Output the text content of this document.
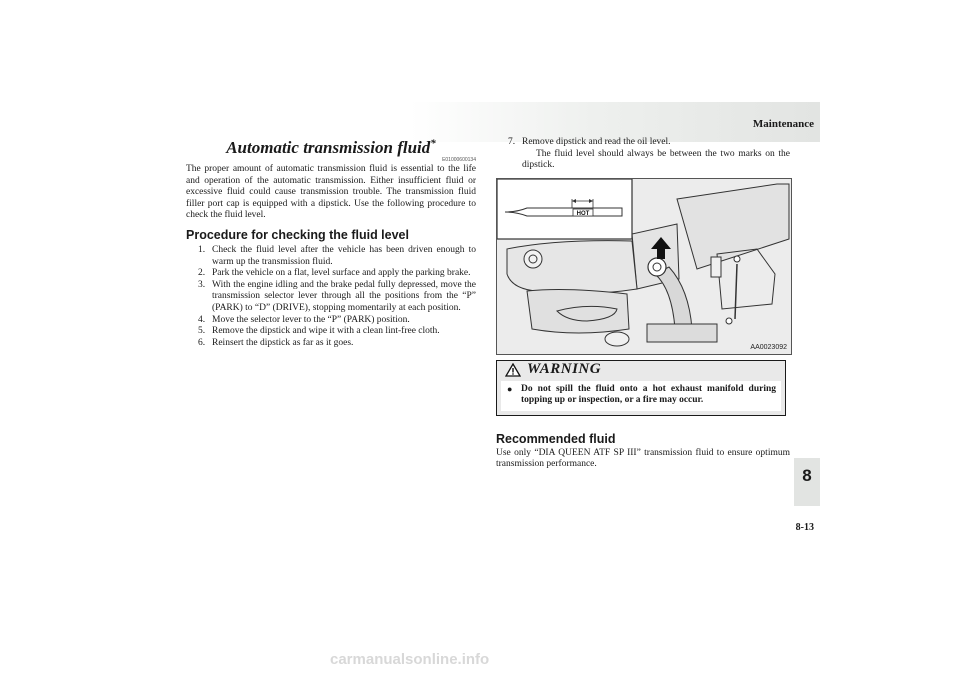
Maintenance
8
8-13
Automatic transmission fluid*
E01000600134

The proper amount of automatic transmission fluid is essential to the life and operation of the automatic transmission. Either insufficient fluid or excessive fluid could cause transmission trouble. The transmission fluid filler port cap is equipped with a dipstick. Use the following procedure to check the fluid level.

Procedure for checking the fluid level
1. Check the fluid level after the vehicle has been driven enough to warm up the transmission fluid.
2. Park the vehicle on a flat, level surface and apply the parking brake.
3. With the engine idling and the brake pedal fully depressed, move the transmission selector lever through all the positions from the “P” (PARK) to “D” (DRIVE), stopping momentarily at each position.
4. Move the selector lever to the “P” (PARK) position.
5. Remove the dipstick and wipe it with a clean lint-free cloth.
6. Reinsert the dipstick as far as it goes.
7. Remove dipstick and read the oil level.
The fluid level should always be between the two marks on the dipstick.
HOT
AA0023092
WARNING
● Do not spill the fluid onto a hot exhaust manifold during topping up or inspection, or a fire may occur.
Recommended fluid

Use only “DIA QUEEN ATF SP III” transmission fluid to ensure optimum transmission performance.

carmanualsonline.info
